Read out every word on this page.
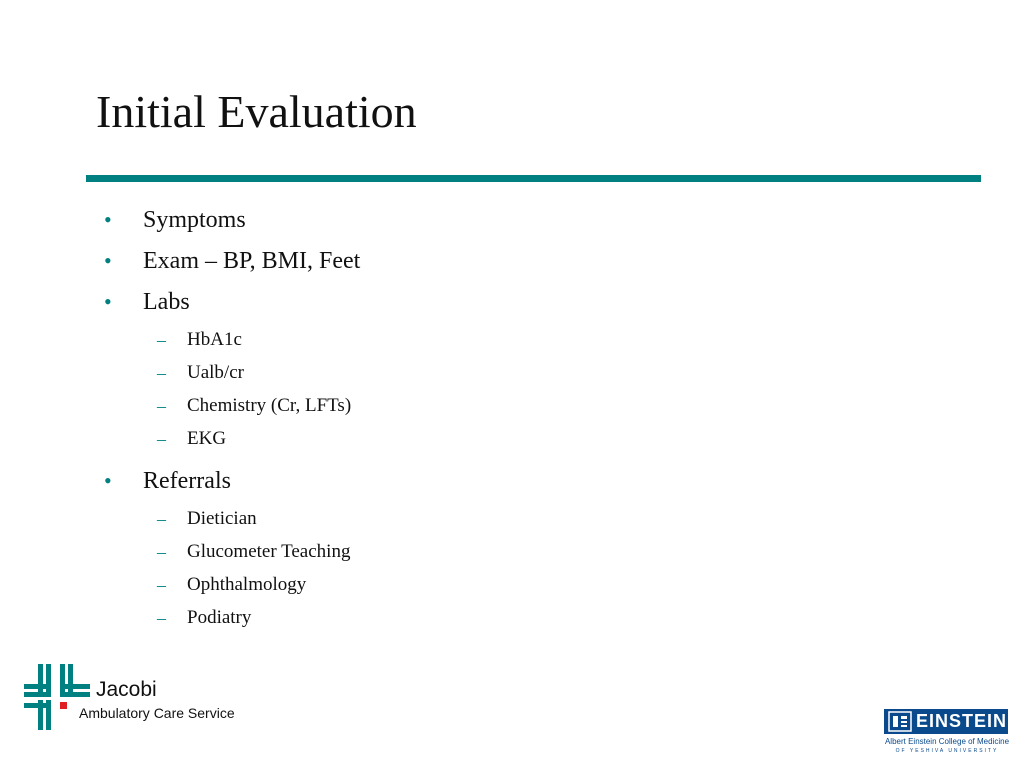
Initial Evaluation
• Symptoms
• Exam – BP, BMI, Feet
• Labs
– HbA1c
– Ualb/cr
– Chemistry (Cr, LFTs)
– EKG
• Referrals
– Dietician
– Glucometer Teaching
– Ophthalmology
– Podiatry
Jacobi
Ambulatory Care Service	EINSTEIN
Albert Einstein College of Medicine
OF YESHIVA UNIVERSITY
